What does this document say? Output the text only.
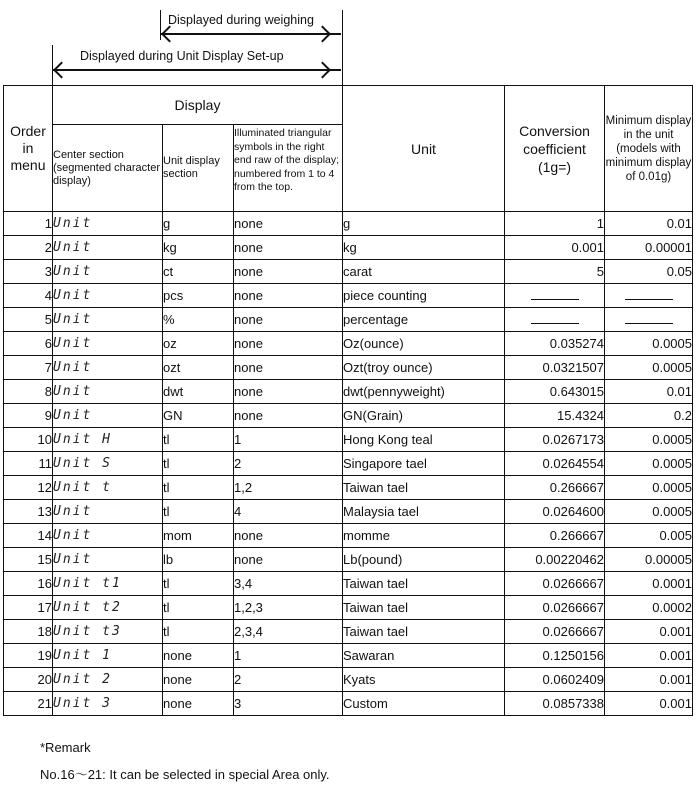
Displayed during weighing
Displayed during Unit Display Set-up
Order in menu	Display			Unit	Conversion coefficient (1g=)	Minimum display in the unit (models with minimum display of 0.01g)
	Center section (segmented character display)	Unit display section	Illuminated triangular symbols in the right end raw of the display; numbered from 1 to 4 from the top.			
1	Unit	g	none	g	1	0.01
2	Unit	kg	none	kg	0.001	0.00001
3	Unit	ct	none	carat	5	0.05
4	Unit	pcs	none	piece counting		
5	Unit	%	none	percentage		
6	Unit	oz	none	Oz(ounce)	0.035274	0.0005
7	Unit	ozt	none	Ozt(troy ounce)	0.0321507	0.0005
8	Unit	dwt	none	dwt(pennyweight)	0.643015	0.01
9	Unit	GN	none	GN(Grain)	15.4324	0.2
10	Unit H	tl	1	Hong Kong teal	0.0267173	0.0005
11	Unit S	tl	2	Singapore tael	0.0264554	0.0005
12	Unit t	tl	1,2	Taiwan tael	0.266667	0.0005
13	Unit	tl	4	Malaysia tael	0.0264600	0.0005
14	Unit	mom	none	momme	0.266667	0.005
15	Unit	lb	none	Lb(pound)	0.00220462	0.00005
16	Unit t1	tl	3,4	Taiwan tael	0.0266667	0.0001
17	Unit t2	tl	1,2,3	Taiwan tael	0.0266667	0.0002
18	Unit t3	tl	2,3,4	Taiwan tael	0.0266667	0.001
19	Unit 1	none	1	Sawaran	0.1250156	0.001
20	Unit 2	none	2	Kyats	0.0602409	0.001
21	Unit 3	none	3	Custom	0.0857338	0.001
*Remark
No.16～21: It can be selected in special Area only.
